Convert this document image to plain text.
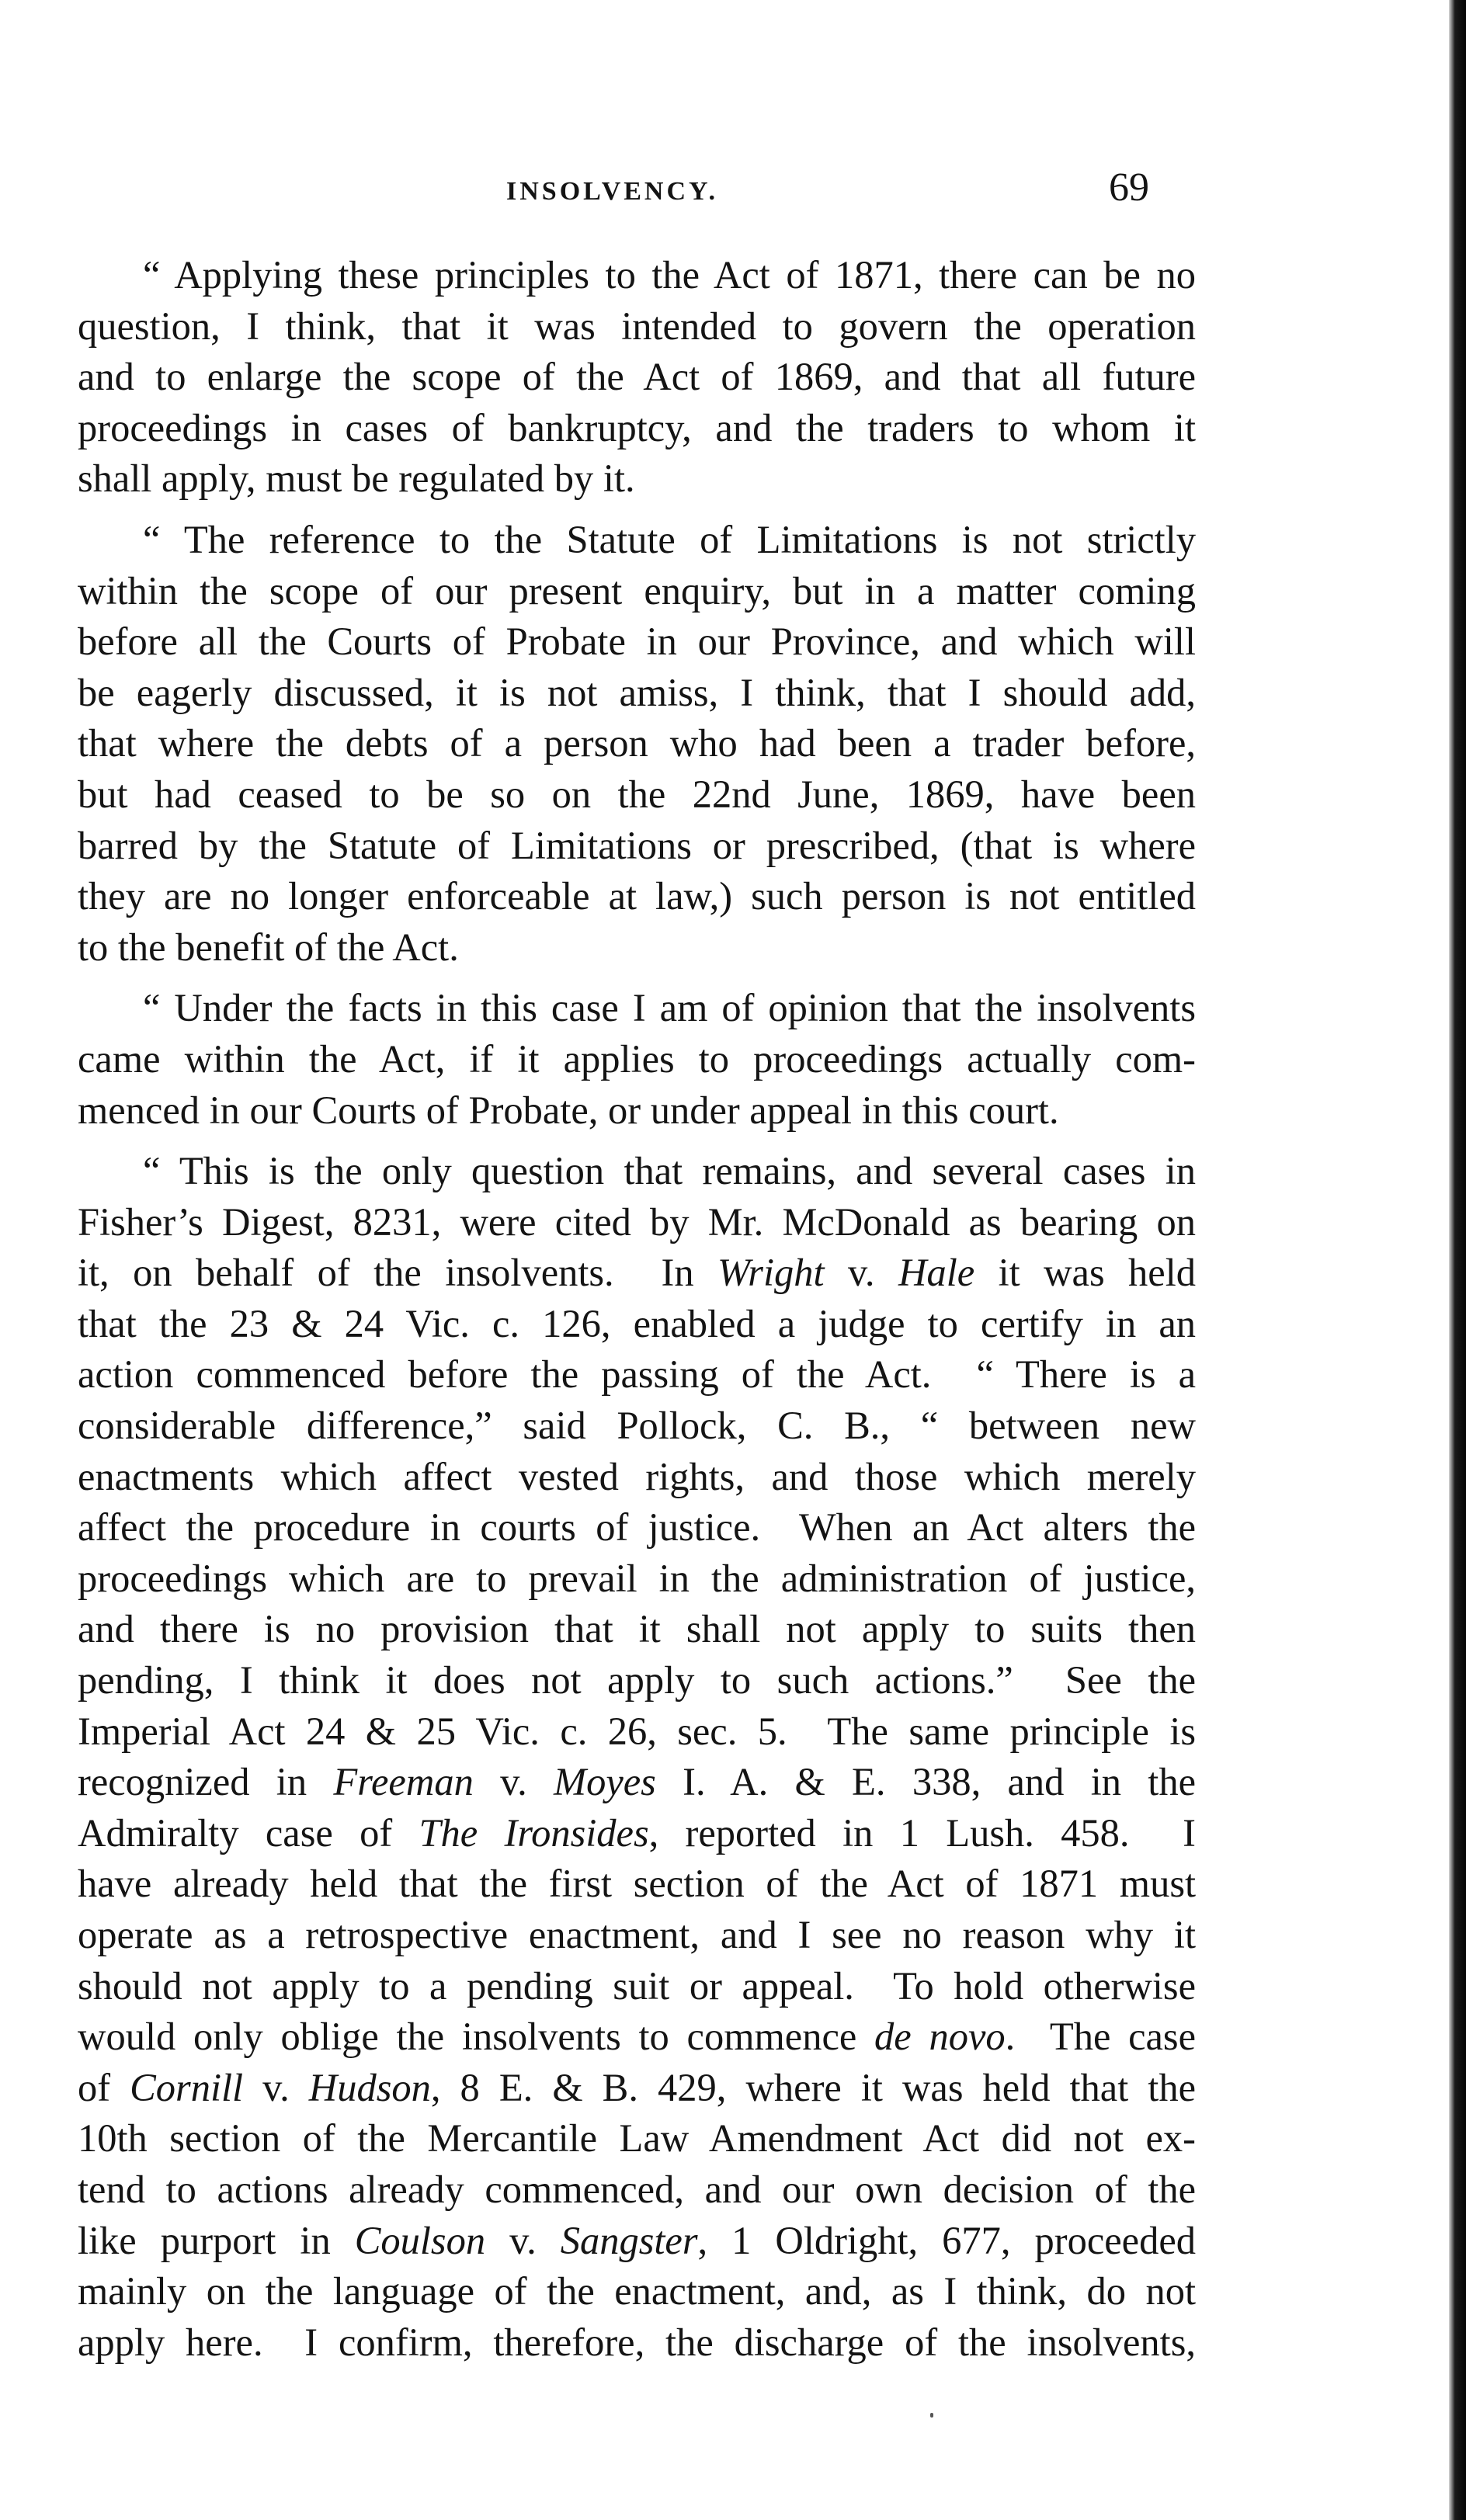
INSOLVENCY.	69
“ Applying these principles to the Act of 1871, there can be no
question, I think, that it was intended to govern the operation
and to enlarge the scope of the Act of 1869, and that all future
proceedings in cases of bankruptcy, and the traders to whom it
shall apply, must be regulated by it.
“ The reference to the Statute of Limitations is not strictly
within the scope of our present enquiry, but in a matter coming
before all the Courts of Probate in our Province, and which will
be eagerly discussed, it is not amiss, I think, that I should add,
that where the debts of a person who had been a trader before,
but had ceased to be so on the 22nd June, 1869, have been
barred by the Statute of Limitations or prescribed, (that is where
they are no longer enforceable at law,) such person is not entitled
to the benefit of the Act.
“ Under the facts in this case I am of opinion that the insolvents
came within the Act, if it applies to proceedings actually com-
menced in our Courts of Probate, or under appeal in this court.
“ This is the only question that remains, and several cases in
Fisher’s Digest, 8231, were cited by Mr. McDonald as bearing on
it, on behalf of the insolvents.  In Wright v. Hale it was held
that the 23 & 24 Vic. c. 126, enabled a judge to certify in an
action commenced before the passing of the Act.  “ There is a
considerable difference,” said Pollock, C. B., “ between new
enactments which affect vested rights, and those which merely
affect the procedure in courts of justice.  When an Act alters the
proceedings which are to prevail in the administration of justice,
and there is no provision that it shall not apply to suits then
pending, I think it does not apply to such actions.”  See the
Imperial Act 24 & 25 Vic. c. 26, sec. 5.  The same principle is
recognized in Freeman v. Moyes I. A. & E. 338, and in the
Admiralty case of The Ironsides, reported in 1 Lush. 458.  I
have already held that the first section of the Act of 1871 must
operate as a retrospective enactment, and I see no reason why it
should not apply to a pending suit or appeal.  To hold otherwise
would only oblige the insolvents to commence de novo.  The case
of Cornill v. Hudson, 8 E. & B. 429, where it was held that the
10th section of the Mercantile Law Amendment Act did not ex-
tend to actions already commenced, and our own decision of the
like purport in Coulson v. Sangster, 1 Oldright, 677, proceeded
mainly on the language of the enactment, and, as I think, do not
apply here.  I confirm, therefore, the discharge of the insolvents,
